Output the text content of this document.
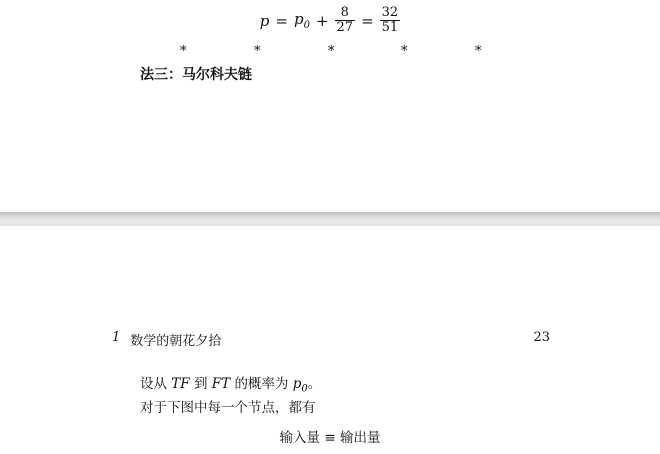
$p = p_0 + \frac{8}{27} = \frac{32}{51}$
*	*	*	*	*
法三：马尔科夫链
1 数学的朝花夕拾	23
设从 TF 到 FT 的概率为 $p_0$。
对于下图中每一个节点，都有
输入量 ≡ 输出量
